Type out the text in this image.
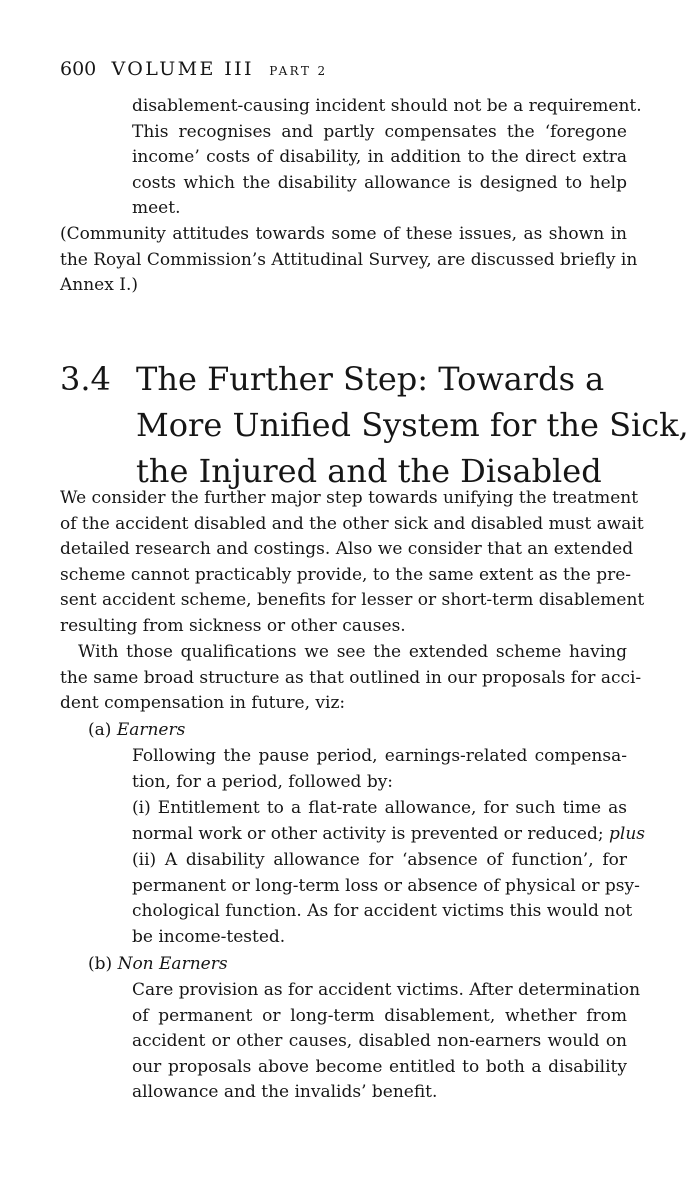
600 VOLUME III PART 2
disablement-causing incident should not be a requirement.
This recognises and partly compensates the ‘foregone
income’ costs of disability, in addition to the direct extra
costs which the disability allowance is designed to help
meet.
(Community attitudes towards some of these issues, as shown in
the Royal Commission’s Attitudinal Survey, are discussed briefly in
Annex I.)
3.4 The Further Step: Towards a
More Unified System for the Sick,
the Injured and the Disabled
We consider the further major step towards unifying the treatment
of the accident disabled and the other sick and disabled must await
detailed research and costings. Also we consider that an extended
scheme cannot practicably provide, to the same extent as the pre-
sent accident scheme, benefits for lesser or short-term disablement
resulting from sickness or other causes.
With those qualifications we see the extended scheme having
the same broad structure as that outlined in our proposals for acci-
dent compensation in future, viz:
(a) Earners
Following the pause period, earnings-related compensa-
tion, for a period, followed by:
(i) Entitlement to a flat-rate allowance, for such time as
normal work or other activity is prevented or reduced; plus
(ii) A disability allowance for ‘absence of function’, for
permanent or long-term loss or absence of physical or psy-
chological function. As for accident victims this would not
be income-tested.
(b) Non Earners
Care provision as for accident victims. After determination
of permanent or long-term disablement, whether from
accident or other causes, disabled non-earners would on
our proposals above become entitled to both a disability
allowance and the invalids’ benefit.
